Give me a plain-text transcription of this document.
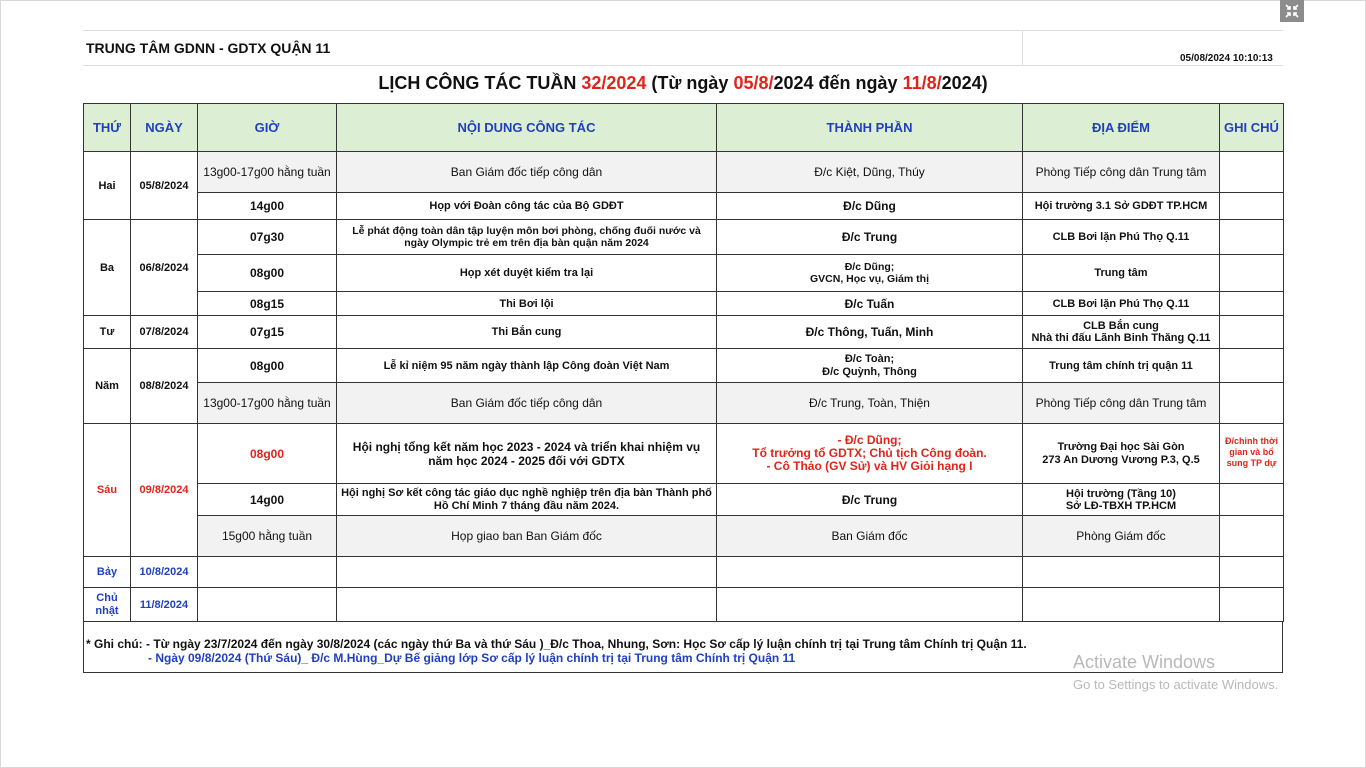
TRUNG TÂM GDNN - GDTX QUẬN 11
05/08/2024 10:10:13
LỊCH CÔNG TÁC TUẦN 32/2024 (Từ ngày 05/8/2024 đến ngày 11/8/2024)
THỨ	NGÀY	GIỜ	NỘI DUNG CÔNG TÁC	THÀNH PHẦN	ĐỊA ĐIỂM	GHI CHÚ
Hai	05/8/2024	13g00-17g00 hằng tuần	Ban Giám đốc tiếp công dân	Đ/c Kiệt, Dũng, Thúy	Phòng Tiếp công dân Trung tâm	
		14g00	Họp với Đoàn công tác của Bộ GDĐT	Đ/c Dũng	Hội trường 3.1 Sở GDĐT TP.HCM	
Ba	06/8/2024	07g30	Lễ phát động toàn dân tập luyện môn bơi phòng, chống đuối nước và ngày Olympic trẻ em trên địa bàn quận năm 2024	Đ/c Trung	CLB Bơi lặn Phú Thọ Q.11	
		08g00	Họp xét duyệt kiểm tra lại	Đ/c Dũng;
GVCN, Học vụ, Giám thị	Trung tâm	
		08g15	Thi Bơi lội	Đ/c Tuấn	CLB Bơi lặn Phú Thọ Q.11	
Tư	07/8/2024	07g15	Thi Bắn cung	Đ/c Thông, Tuấn, Minh	CLB Bắn cung
Nhà thi đấu Lãnh Binh Thăng Q.11	
Năm	08/8/2024	08g00	Lễ kỉ niệm 95 năm ngày thành lập Công đoàn Việt Nam	Đ/c Toàn;
Đ/c Quỳnh, Thông	Trung tâm chính trị quận 11	
		13g00-17g00 hằng tuần	Ban Giám đốc tiếp công dân	Đ/c Trung, Toàn, Thiện	Phòng Tiếp công dân Trung tâm	
Sáu	09/8/2024	08g00	Hội nghị tổng kết năm học 2023 - 2024 và triển khai nhiệm vụ năm học 2024 - 2025 đối với GDTX	- Đ/c Dũng;
Tổ trưởng tổ GDTX; Chủ tịch Công đoàn.
- Cô Thảo (GV Sử) và HV Giỏi hạng I	Trường Đại học Sài Gòn
273 An Dương Vương P.3, Q.5	Đ/chỉnh thời gian và bổ sung TP dự
		14g00	Hội nghị Sơ kết công tác giáo dục nghề nghiệp trên địa bàn Thành phố Hồ Chí Minh 7 tháng đầu năm 2024.	Đ/c Trung	Hội trường (Tầng 10)
Sở LĐ-TBXH TP.HCM	
		15g00 hằng tuần	Họp giao ban Ban Giám đốc	Ban Giám đốc	Phòng Giám đốc	
Bảy	10/8/2024					
Chủ nhật	11/8/2024					
* Ghi chú: - Từ ngày 23/7/2024 đến ngày 30/8/2024 (các ngày thứ Ba và thứ Sáu )_Đ/c Thoa, Nhung, Sơn: Học Sơ cấp lý luận chính trị tại Trung tâm Chính trị Quận 11.
- Ngày 09/8/2024 (Thứ Sáu)_ Đ/c M.Hùng_Dự Bế giảng lớp Sơ cấp lý luận chính trị tại Trung tâm Chính trị Quận 11	Activate Windows
Go to Settings to activate Windows.
